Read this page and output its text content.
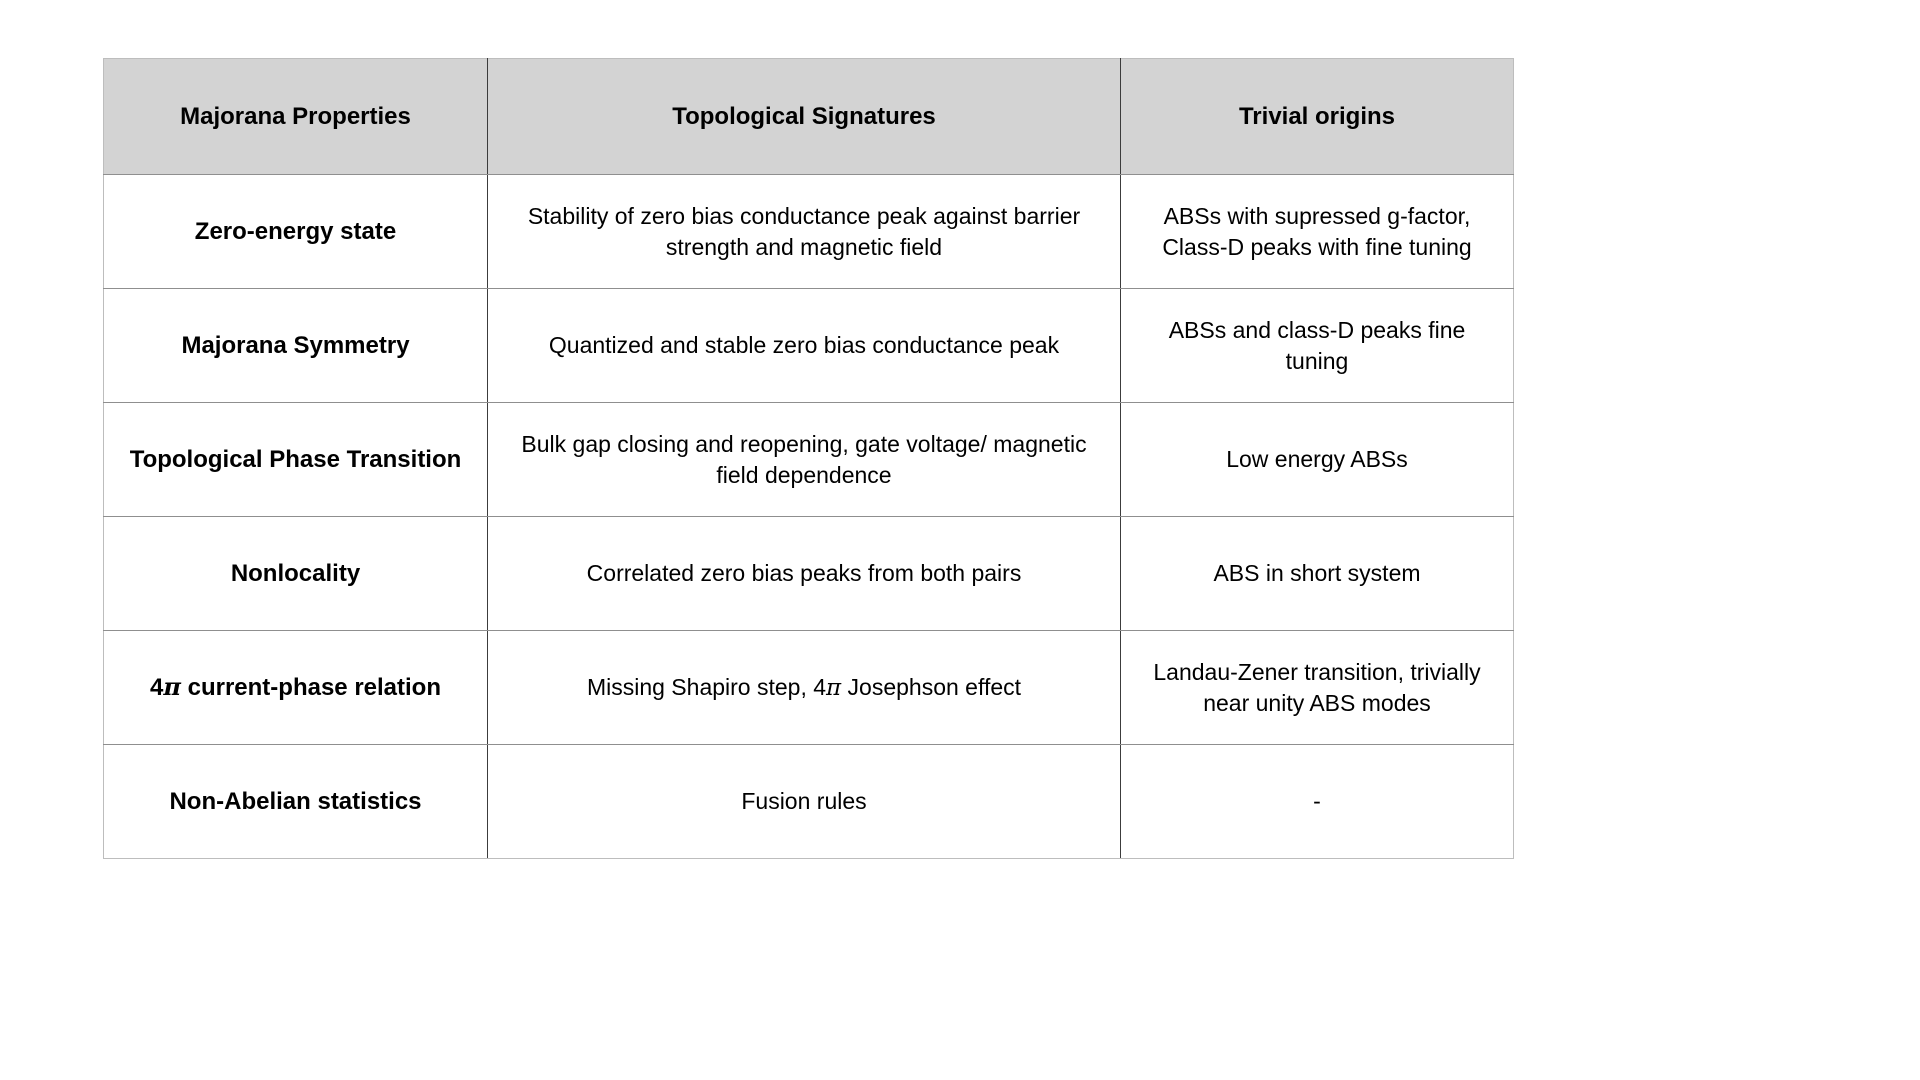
Majorana Properties	Topological Signatures	Trivial origins
Zero-energy state	Stability of zero bias conductance peak against barrier strength and magnetic field	ABSs with supressed g-factor, Class-D peaks with fine tuning
Majorana Symmetry	Quantized and stable zero bias conductance peak	ABSs and class-D peaks fine tuning
Topological Phase Transition	Bulk gap closing and reopening, gate voltage/ magnetic field dependence	Low energy ABSs
Nonlocality	Correlated zero bias peaks from both pairs	ABS in short system
4π current-phase relation	Missing Shapiro step, 4π Josephson effect	Landau-Zener transition, trivially near unity ABS modes
Non-Abelian statistics	Fusion rules	-
